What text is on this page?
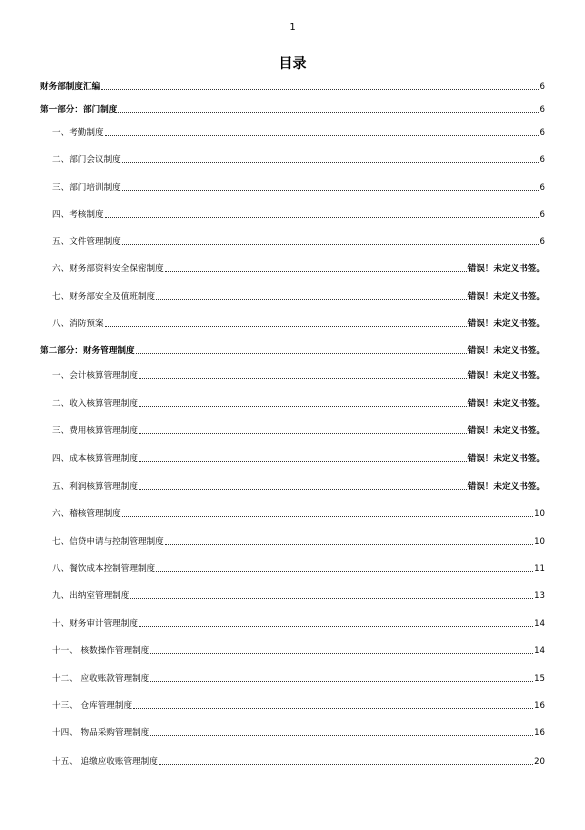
1
目录
财务部制度汇编	6
第一部分：部门制度	6
一、考勤制度	6
二、部门会议制度	6
三、部门培训制度	6
四、考核制度	6
五、文件管理制度	6
六、财务部资料安全保密制度	错误！未定义书签。
七、财务部安全及值班制度	错误！未定义书签。
八、消防预案	错误！未定义书签。
第二部分：财务管理制度	错误！未定义书签。
一、会计核算管理制度	错误！未定义书签。
二、收入核算管理制度	错误！未定义书签。
三、费用核算管理制度	错误！未定义书签。
四、成本核算管理制度	错误！未定义书签。
五、利润核算管理制度	错误！未定义书签。
六、稽核管理制度	10
七、信贷申请与控制管理制度	10
八、餐饮成本控制管理制度	11
九、出纳室管理制度	13
十、财务审计管理制度	14
十一、 核数操作管理制度	14
十二、 应收账款管理制度	15
十三、 仓库管理制度	16
十四、 物品采购管理制度	16
十五、 追缴应收账管理制度	20
